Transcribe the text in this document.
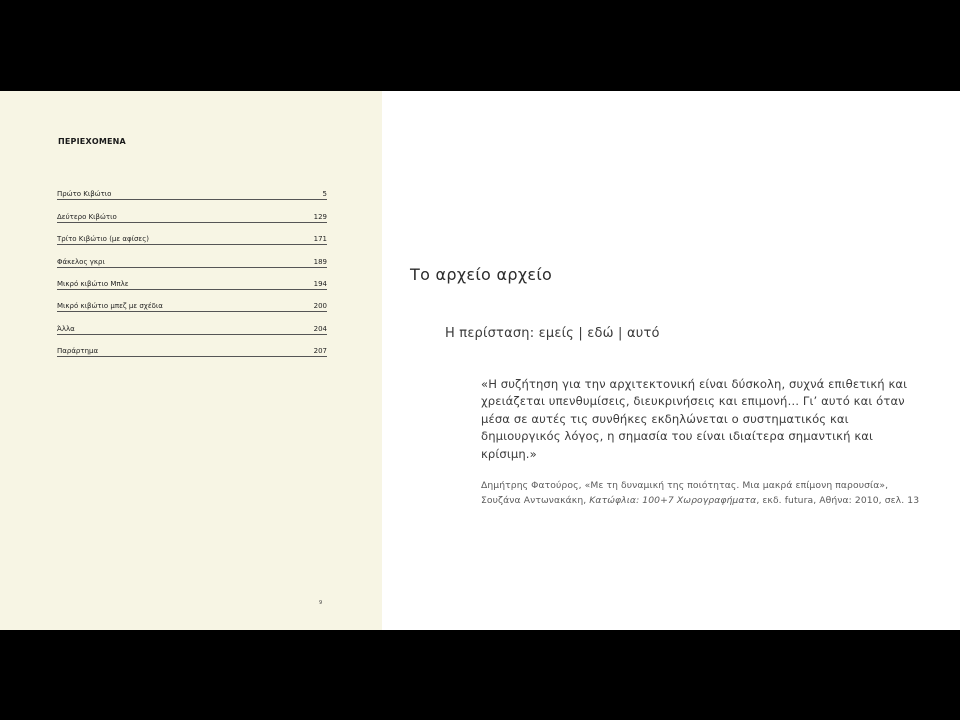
ΠΕΡΙΕΧΟΜΕΝΑ
Πρώτο Κιβώτιο	5
Δεύτερο Κιβώτιο	129
Τρίτο Κιβώτιο (με αφίσες)	171
Φάκελος γκρι	189
Μικρό κιβώτιο Μπλε	194
Μικρό κιβώτιο μπεζ με σχέδια	200
Άλλα	204
Παράρτημα	207
9
Το αρχείο αρχείο
Η περίσταση: εμείς | εδώ | αυτό
«Η συζήτηση για την αρχιτεκτονική είναι δύσκολη, συχνά επιθετική και χρειάζεται υπενθυμίσεις, διευκρινήσεις και επιμονή… Γι’ αυτό και όταν μέσα σε αυτές τις συνθήκες εκδηλώνεται ο συστηματικός και δημιουργικός λόγος, η σημασία του είναι ιδιαίτερα σημαντική και κρίσιμη.»
Δημήτρης Φατούρος, «Με τη δυναμική της ποιότητας. Μια μακρά επίμονη παρουσία», Σουζάνα Αντωνακάκη, Κατώφλια: 100+7 Χωρογραφήματα, εκδ. futura, Αθήνα: 2010, σελ. 13
